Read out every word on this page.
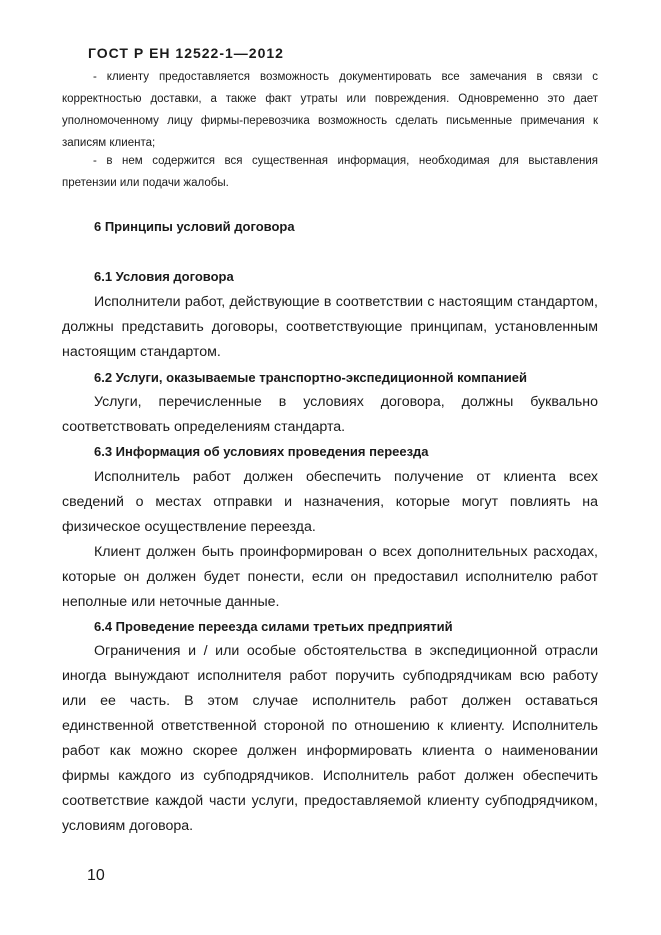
ГОСТ Р ЕН 12522-1—2012

- клиенту предоставляется возможность документировать все замечания в связи с корректностью доставки, а также факт утраты или повреждения. Одновременно это дает уполномоченному лицу фирмы-перевозчика возможность сделать письменные примечания к записям клиента;

- в нем содержится вся существенная информация, необходимая для выставления претензии или подачи жалобы.

6 Принципы условий договора
6.1 Условия договора

Исполнители работ, действующие в соответствии с настоящим стандартом, должны представить договоры, соответствующие принципам, установленным настоящим стандартом.

6.2 Услуги, оказываемые транспортно-экспедиционной компанией

Услуги, перечисленные в условиях договора, должны буквально соответствовать определениям стандарта.

6.3 Информация об условиях проведения переезда

Исполнитель работ должен обеспечить получение от клиента всех сведений о местах отправки и назначения, которые могут повлиять на физическое осуществление переезда.

Клиент должен быть проинформирован о всех дополнительных расходах, которые он должен будет понести, если он предоставил исполнителю работ неполные или неточные данные.

6.4 Проведение переезда силами третьих предприятий

Ограничения и / или особые обстоятельства в экспедиционной отрасли иногда вынуждают исполнителя работ поручить субподрядчикам всю работу или ее часть. В этом случае исполнитель работ должен оставаться единственной ответственной стороной по отношению к клиенту. Исполнитель работ как можно скорее должен информировать клиента о наименовании фирмы каждого из субподрядчиков. Исполнитель работ должен обеспечить соответствие каждой части услуги, предоставляемой клиенту субподрядчиком, условиям договора.

10
